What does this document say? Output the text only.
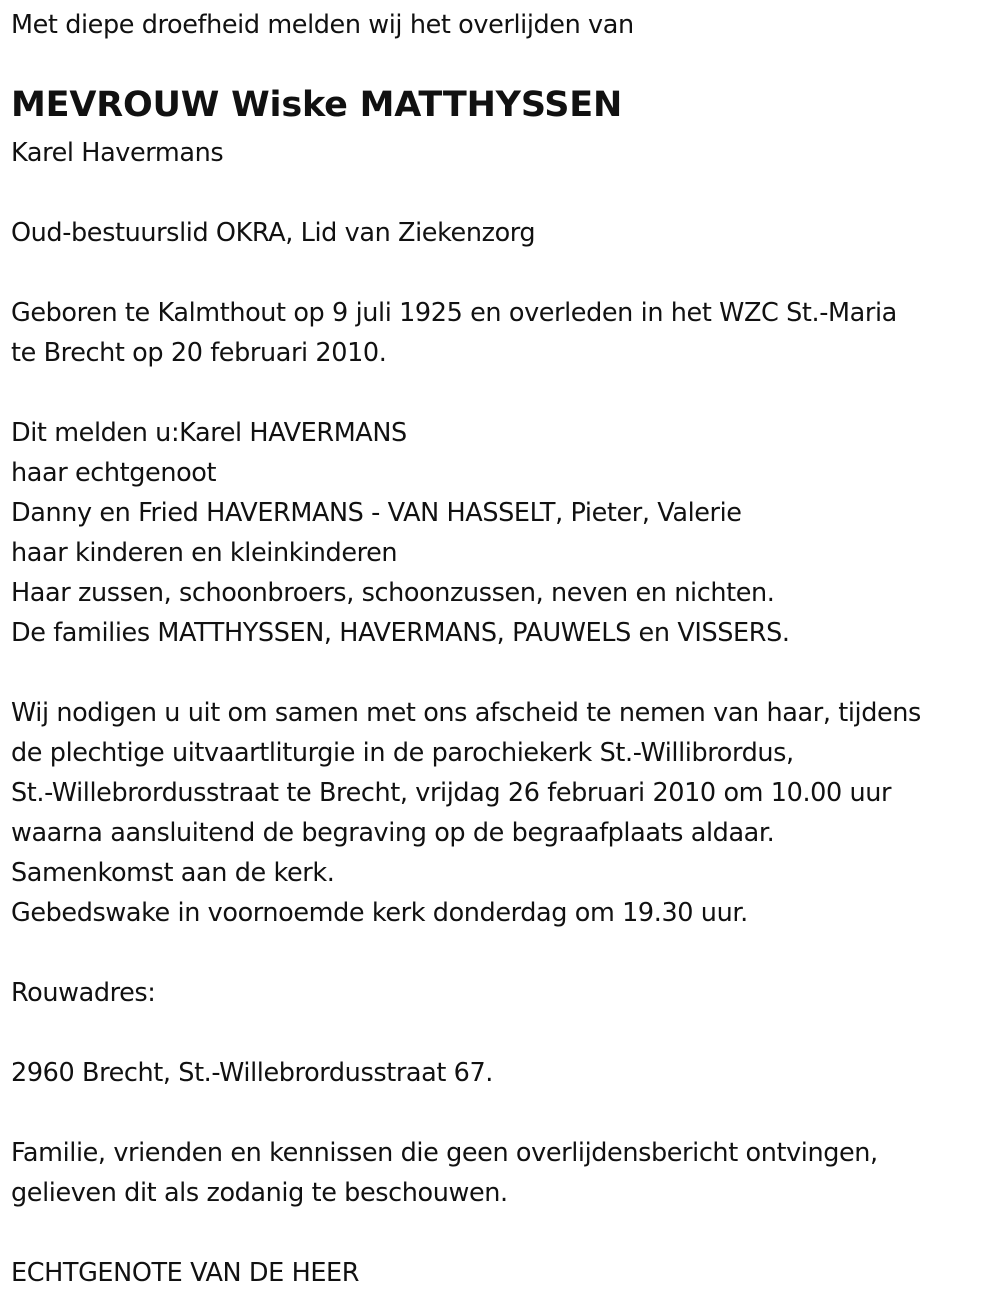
Met diepe droefheid melden wij het overlijden van

MEVROUW Wiske MATTHYSSEN

Karel Havermans

Oud-bestuurslid OKRA, Lid van Ziekenzorg

Geboren te Kalmthout op 9 juli 1925 en overleden in het WZC St.-Maria

te Brecht op 20 februari 2010.

Dit melden u:Karel HAVERMANS

haar echtgenoot

Danny en Fried HAVERMANS - VAN HASSELT, Pieter, Valerie

haar kinderen en kleinkinderen

Haar zussen, schoonbroers, schoonzussen, neven en nichten.

De families MATTHYSSEN, HAVERMANS, PAUWELS en VISSERS.

Wij nodigen u uit om samen met ons afscheid te nemen van haar, tijdens

de plechtige uitvaartliturgie in de parochiekerk St.-Willibrordus,

St.-Willebrordusstraat te Brecht, vrijdag 26 februari 2010 om 10.00 uur

waarna aansluitend de begraving op de begraafplaats aldaar.

Samenkomst aan de kerk.

Gebedswake in voornoemde kerk donderdag om 19.30 uur.

Rouwadres:

2960 Brecht, St.-Willebrordusstraat 67.

Familie, vrienden en kennissen die geen overlijdensbericht ontvingen,

gelieven dit als zodanig te beschouwen.

ECHTGENOTE VAN DE HEER
